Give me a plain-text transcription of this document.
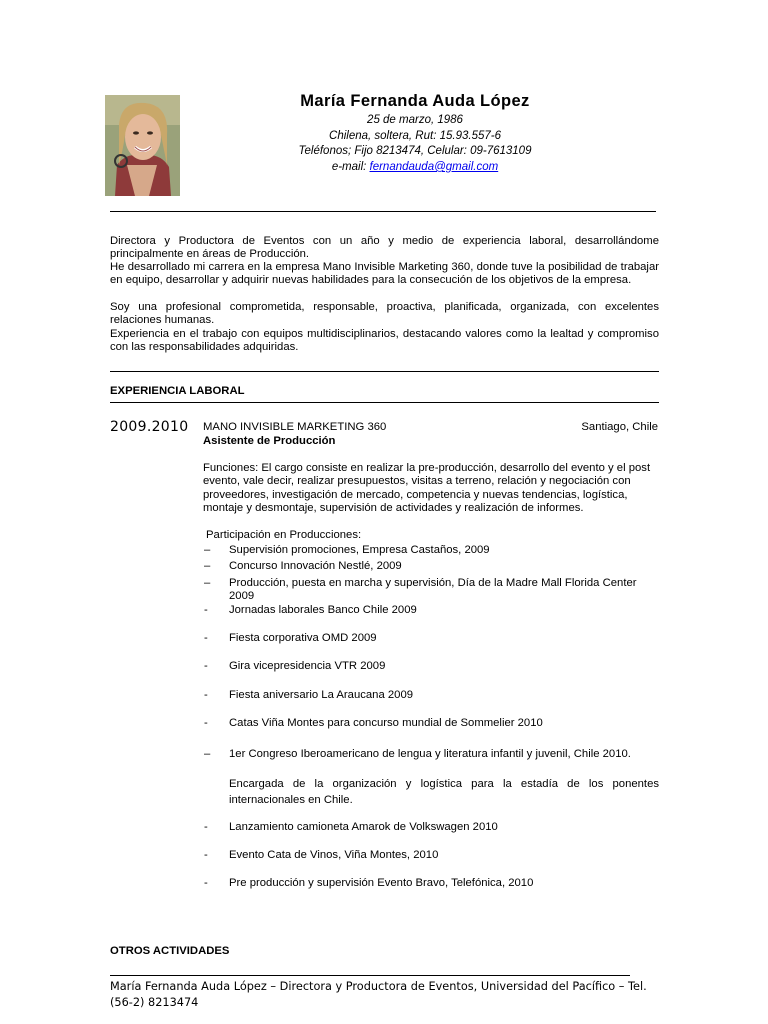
María Fernanda Auda López
25 de marzo, 1986
Chilena, soltera, Rut: 15.93.557-6
Teléfonos; Fijo 8213474, Celular: 09-7613109
e-mail: fernandauda@gmail.com
Directora y Productora de Eventos con un año y medio de experiencia laboral, desarrollándome principalmente en áreas de Producción.
He desarrollado mi carrera en la empresa Mano Invisible Marketing 360, donde tuve la posibilidad de trabajar en equipo, desarrollar y adquirir nuevas habilidades para la consecución de los objetivos de la empresa.
Soy una profesional comprometida, responsable, proactiva, planificada, organizada, con excelentes relaciones humanas.
Experiencia en el trabajo con equipos multidisciplinarios, destacando valores como la lealtad y compromiso con las responsabilidades adquiridas.
EXPERIENCIA LABORAL
2009.2010 MANO INVISIBLE MARKETING 360	Santiago, Chile
Asistente de Producción
Funciones: El cargo consiste en realizar la pre-producción, desarrollo del evento y el post evento, vale decir, realizar presupuestos, visitas a terreno, relación y negociación con proveedores, investigación de mercado, competencia y nuevas tendencias, logística, montaje y desmontaje, supervisión de actividades y realización de informes.
Participación en Producciones:
– Supervisión promociones, Empresa Castaños, 2009
– Concurso Innovación Nestlé, 2009
– Producción, puesta en marcha y supervisión, Día de la Madre Mall Florida Center 2009
- Jornadas laborales Banco Chile 2009
- Fiesta corporativa OMD 2009
- Gira vicepresidencia VTR 2009
- Fiesta aniversario La Araucana 2009
- Catas Viña Montes para concurso mundial de Sommelier 2010
– 1er Congreso Iberoamericano de lengua y literatura infantil y juvenil, Chile 2010.
Encargada de la organización y logística para la estadía de los ponentes internacionales en Chile.
- Lanzamiento camioneta Amarok de Volkswagen 2010
- Evento Cata de Vinos, Viña Montes, 2010
- Pre producción y supervisión Evento Bravo, Telefónica, 2010
OTROS ACTIVIDADES
María Fernanda Auda López – Directora y Productora de Eventos, Universidad del Pacífico – Tel. (56-2) 8213474
